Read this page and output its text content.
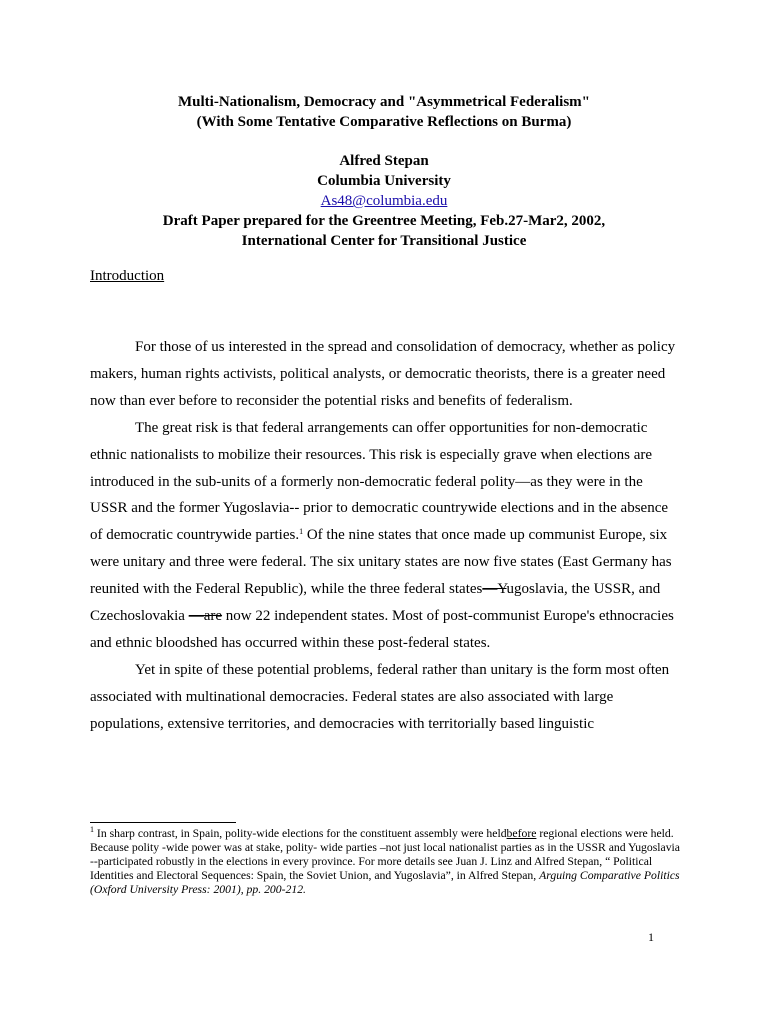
Multi-Nationalism, Democracy and "Asymmetrical Federalism"
(With Some Tentative Comparative Reflections on Burma)
Alfred Stepan
Columbia University
As48@columbia.edu
Draft Paper prepared for the Greentree Meeting, Feb.27-Mar2, 2002,
International Center for Transitional Justice
Introduction

For those of us interested in the spread and consolidation of democracy, whether as policy makers, human rights activists, political analysts, or democratic theorists, there is a greater need now than ever before to reconsider the potential risks and benefits of federalism.

The great risk is that federal arrangements can offer opportunities for non-democratic ethnic nationalists to mobilize their resources. This risk is especially grave when elections are introduced in the sub-units of a formerly non-democratic federal polity—as they were in the USSR and the former Yugoslavia-- prior to democratic countrywide elections and in the absence of democratic countrywide parties.$^1$ Of the nine states that once made up communist Europe, six were unitary and three were federal. The six unitary states are now five states (East Germany has reunited with the Federal Republic), while the three federal states—Yugoslavia, the USSR, and Czechoslovakia —are now 22 independent states. Most of post-communist Europe's ethnocracies and ethnic bloodshed has occurred within these post-federal states.

Yet in spite of these potential problems, federal rather than unitary is the form most often associated with multinational democracies. Federal states are also associated with large populations, extensive territories, and democracies with territorially based linguistic

$^1$ In sharp contrast, in Spain, polity-wide elections for the constituent assembly were heldbefore regional elections were held. Because polity -wide power was at stake, polity- wide parties –not just local nationalist parties as in the USSR and Yugoslavia --participated robustly in the elections in every province. For more details see Juan J. Linz and Alfred Stepan, “ Political Identities and Electoral Sequences: Spain, the Soviet Union, and Yugoslavia”, in Alfred Stepan, Arguing Comparative Politics (Oxford University Press: 2001), pp. 200-212.
1
